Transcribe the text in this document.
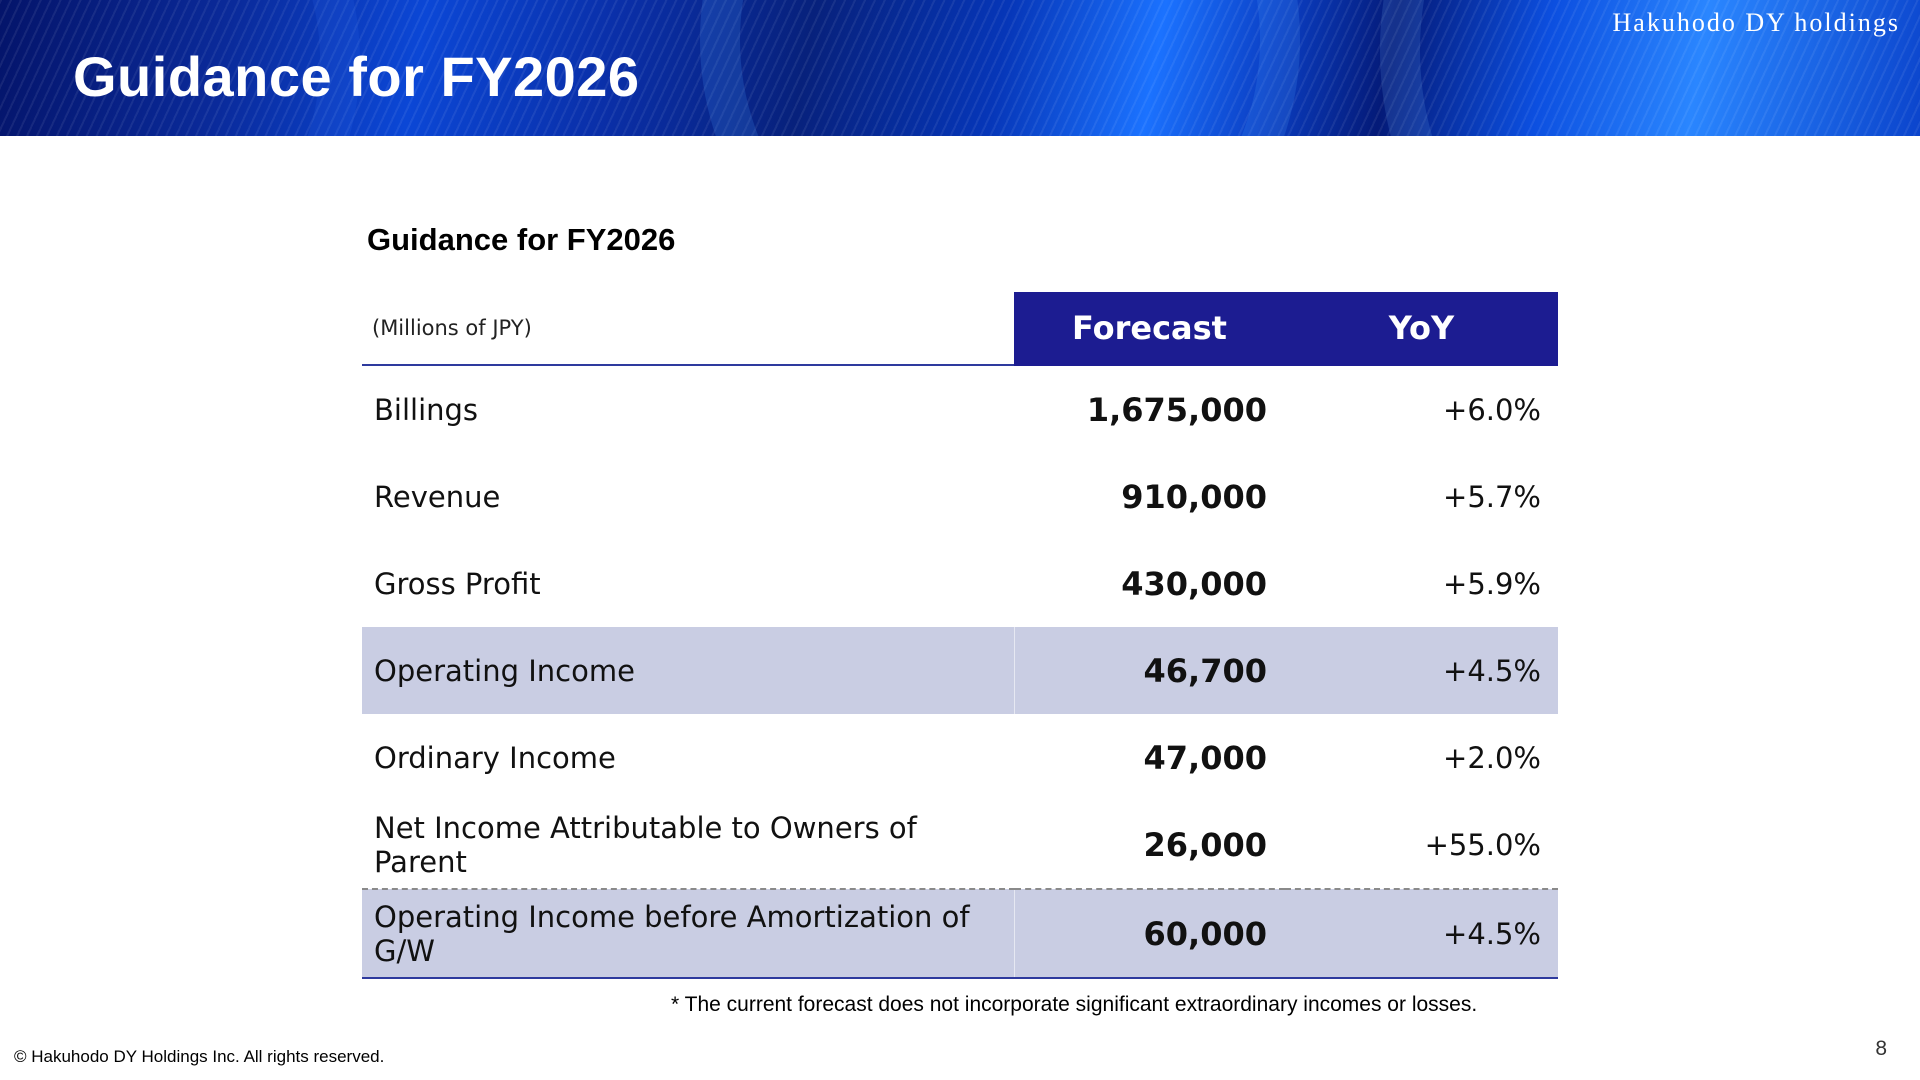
Guidance for FY2026
Hakuhodo DY holdings
Guidance for FY2026
(Millions of JPY)	Forecast	YoY
Billings	1,675,000	+6.0%
Revenue	910,000	+5.7%
Gross Profit	430,000	+5.9%
Operating Income	46,700	+4.5%
Ordinary Income	47,000	+2.0%
Net Income Attributable to Owners of Parent	26,000	+55.0%
Operating Income before Amortization of G/W	60,000	+4.5%
* The current forecast does not incorporate significant extraordinary incomes or losses.
© Hakuhodo DY Holdings Inc. All rights reserved.	8
